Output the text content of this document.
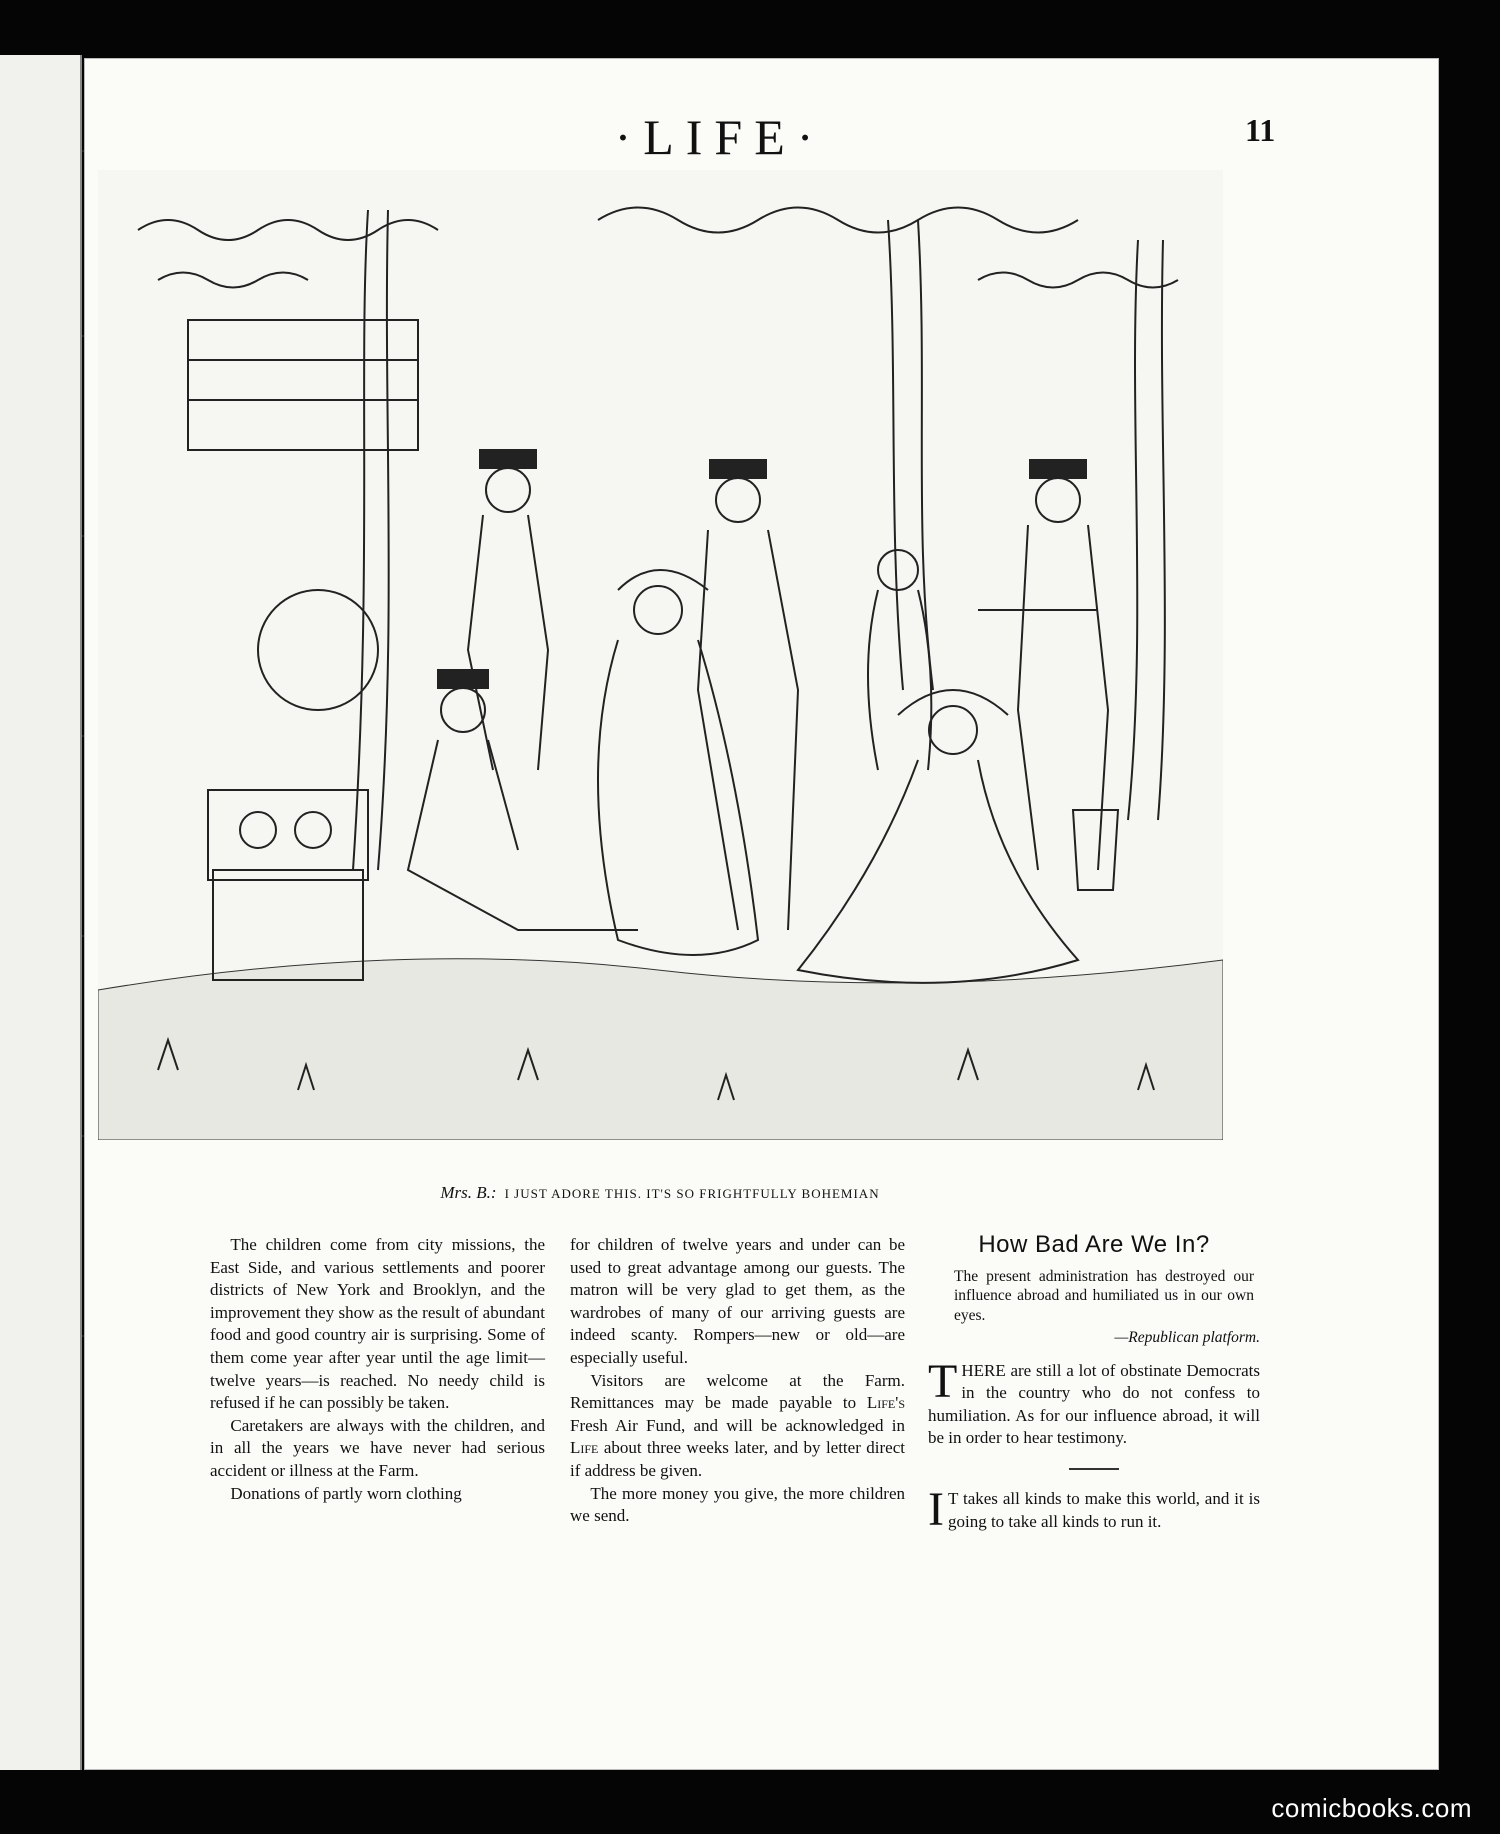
·LIFE·	11
Mrs. B.: I JUST ADORE THIS. IT'S SO FRIGHTFULLY BOHEMIAN

The children come from city missions, the East Side, and various settlements and poorer districts of New York and Brooklyn, and the improvement they show as the result of abundant food and good country air is surprising. Some of them come year after year until the age limit—twelve years—is reached. No needy child is refused if he can possibly be taken.

Caretakers are always with the children, and in all the years we have never had serious accident or illness at the Farm.

Donations of partly worn clothing

for children of twelve years and under can be used to great advantage among our guests. The matron will be very glad to get them, as the wardrobes of many of our arriving guests are indeed scanty. Rompers—new or old—are especially useful.

Visitors are welcome at the Farm. Remittances may be made payable to Life's Fresh Air Fund, and will be acknowledged in Life about three weeks later, and by letter direct if address be given.

The more money you give, the more children we send.

How Bad Are We In?

The present administration has destroyed our influence abroad and humiliated us in our own eyes.

—Republican platform.

THERE are still a lot of obstinate Democrats in the country who do not confess to humiliation. As for our influence abroad, it will be in order to hear testimony.

I T takes all kinds to make this world, and it is going to take all kinds to run it.

comicbooks.com
